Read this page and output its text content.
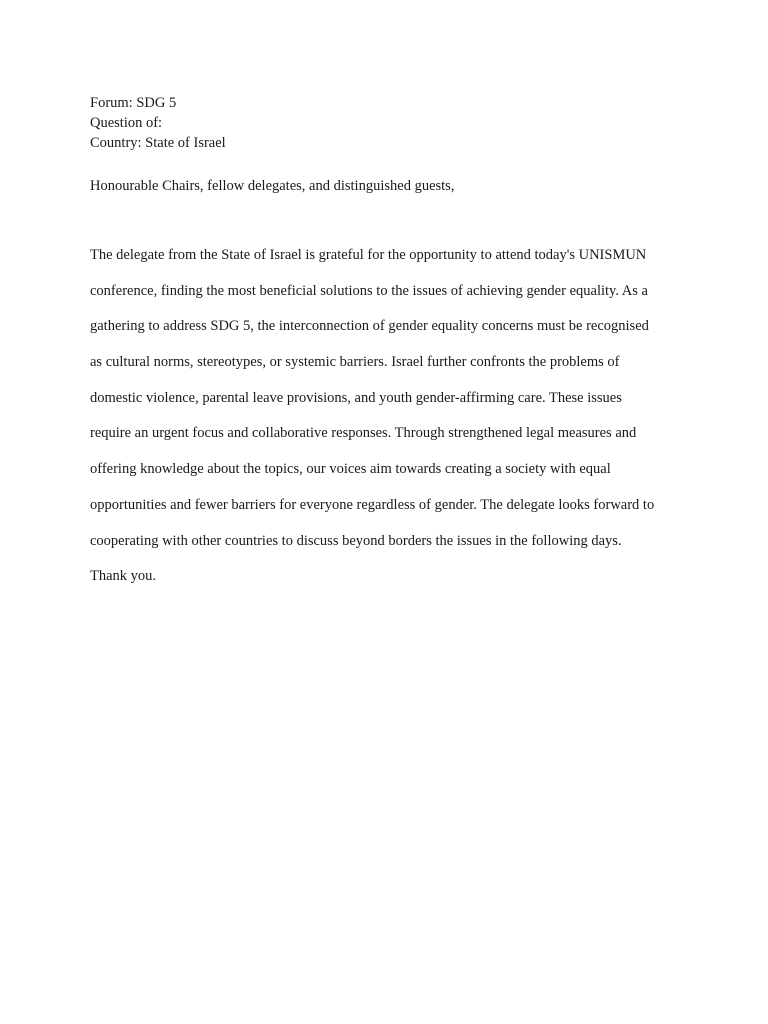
Forum: SDG 5
Question of:
Country: State of Israel
Honourable Chairs, fellow delegates, and distinguished guests,
The delegate from the State of Israel is grateful for the opportunity to attend today's UNISMUN
conference, finding the most beneficial solutions to the issues of achieving gender equality. As a
gathering to address SDG 5, the interconnection of gender equality concerns must be recognised
as cultural norms, stereotypes, or systemic barriers. Israel further confronts the problems of
domestic violence, parental leave provisions, and youth gender-affirming care. These issues
require an urgent focus and collaborative responses. Through strengthened legal measures and
offering knowledge about the topics, our voices aim towards creating a society with equal
opportunities and fewer barriers for everyone regardless of gender. The delegate looks forward to
cooperating with other countries to discuss beyond borders the issues in the following days.
Thank you.
